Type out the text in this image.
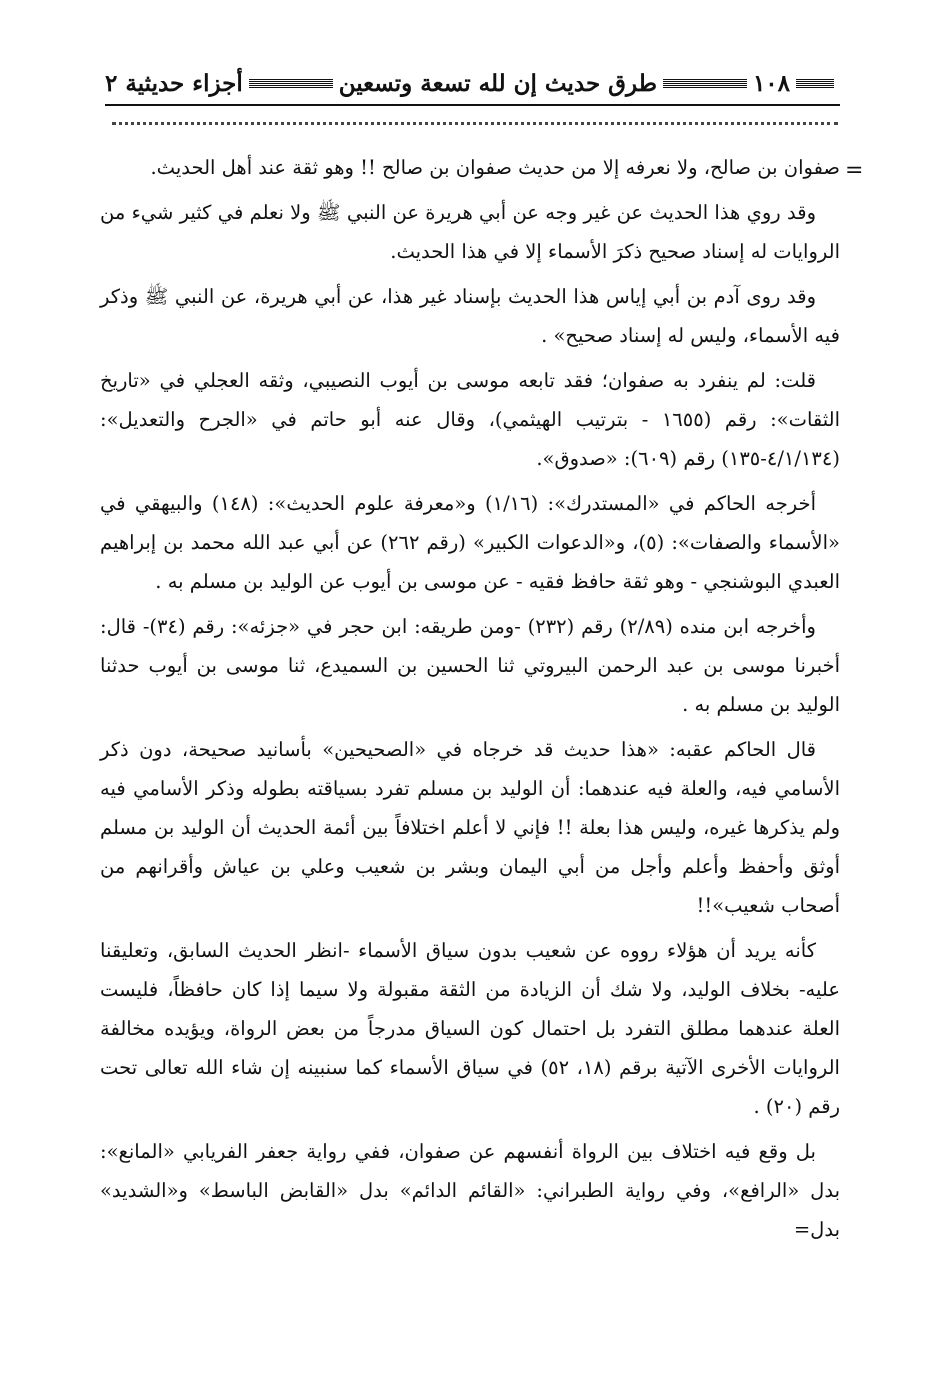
١٠٨
طرق حديث إن لله تسعة وتسعين
أجزاء حديثية ٢
=

صفوان بن صالح، ولا نعرفه إلا من حديث صفوان بن صالح !! وهو ثقة عند أهل الحديث.

وقد روي هذا الحديث عن غير وجه عن أبي هريرة عن النبي ﷺ ولا نعلم في كثير شيء من الروايات له إسناد صحيح ذكرَ الأسماء إلا في هذا الحديث.

وقد روى آدم بن أبي إياس هذا الحديث بإسناد غير هذا، عن أبي هريرة، عن النبي ﷺ وذكر فيه الأسماء، وليس له إسناد صحيح» .

قلت: لم ينفرد به صفوان؛ فقد تابعه موسى بن أيوب النصيبي، وثقه العجلي في «تاريخ الثقات»: رقم (١٦٥٥ - بترتيب الهيثمي)، وقال عنه أبو حاتم في «الجرح والتعديل»: (٤/١/١٣٤-١٣٥) رقم (٦٠٩): «صدوق».

أخرجه الحاكم في «المستدرك»: (١/١٦) و«معرفة علوم الحديث»: (١٤٨) والبيهقي في «الأسماء والصفات»: (٥)، و«الدعوات الكبير» (رقم ٢٦٢) عن أبي عبد الله محمد بن إبراهيم العبدي البوشنجي - وهو ثقة حافظ فقيه - عن موسى بن أيوب عن الوليد بن مسلم به .

وأخرجه ابن منده (٢/٨٩) رقم (٢٣٢) -ومن طريقه: ابن حجر في «جزئه»: رقم (٣٤)- قال: أخبرنا موسى بن عبد الرحمن البيروتي ثنا الحسين بن السميدع، ثنا موسى بن أيوب حدثنا الوليد بن مسلم به .

قال الحاكم عقبه: «هذا حديث قد خرجاه في «الصحيحين» بأسانيد صحيحة، دون ذكر الأسامي فيه، والعلة فيه عندهما: أن الوليد بن مسلم تفرد بسياقته بطوله وذكر الأسامي فيه ولم يذكرها غيره، وليس هذا بعلة !! فإني لا أعلم اختلافاً بين أئمة الحديث أن الوليد بن مسلم أوثق وأحفظ وأعلم وأجل من أبي اليمان وبشر بن شعيب وعلي بن عياش وأقرانهم من أصحاب شعيب»!!

كأنه يريد أن هؤلاء رووه عن شعيب بدون سياق الأسماء -انظر الحديث السابق، وتعليقنا عليه- بخلاف الوليد، ولا شك أن الزيادة من الثقة مقبولة ولا سيما إذا كان حافظاً، فليست العلة عندهما مطلق التفرد بل احتمال كون السياق مدرجاً من بعض الرواة، ويؤيده مخالفة الروايات الأخرى الآتية برقم (١٨، ٥٢) في سياق الأسماء كما سنبينه إن شاء الله تعالى تحت رقم (٢٠) .

بل وقع فيه اختلاف بين الرواة أنفسهم عن صفوان، ففي رواية جعفر الفريابي «المانع»: بدل «الرافع»، وفي رواية الطبراني: «القائم الدائم» بدل «القابض الباسط» و«الشديد» بدل=
